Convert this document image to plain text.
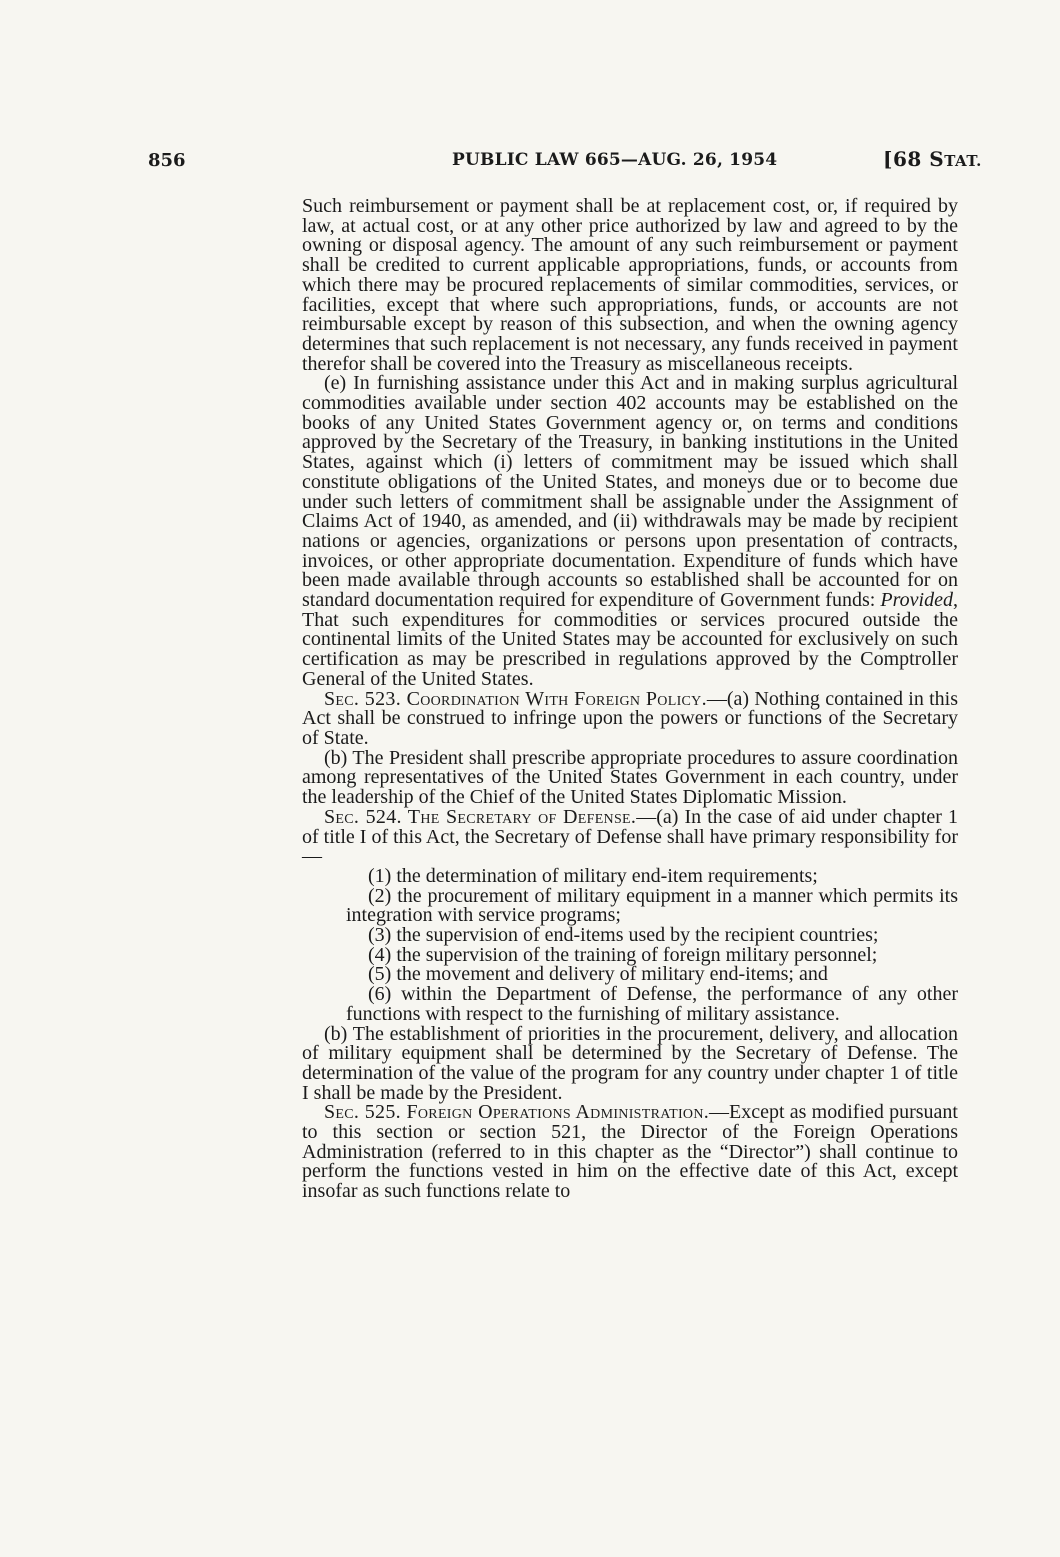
856	PUBLIC LAW 665—AUG. 26, 1954	[68 STAT.

Such reimbursement or payment shall be at replacement cost, or, if required by law, at actual cost, or at any other price authorized by law and agreed to by the owning or disposal agency. The amount of any such reimbursement or payment shall be credited to current applicable appropriations, funds, or accounts from which there may be procured replacements of similar commodities, services, or facilities, except that where such appropriations, funds, or accounts are not reimbursable except by reason of this subsection, and when the owning agency determines that such replacement is not necessary, any funds received in payment therefor shall be covered into the Treasury as miscellaneous receipts.

(e) In furnishing assistance under this Act and in making surplus agricultural commodities available under section 402 accounts may be established on the books of any United States Government agency or, on terms and conditions approved by the Secretary of the Treasury, in banking institutions in the United States, against which (i) letters of commitment may be issued which shall constitute obligations of the United States, and moneys due or to become due under such letters of commitment shall be assignable under the Assignment of Claims Act of 1940, as amended, and (ii) withdrawals may be made by recipient nations or agencies, organizations or persons upon presentation of contracts, invoices, or other appropriate documentation. Expenditure of funds which have been made available through accounts so established shall be accounted for on standard documentation required for expenditure of Government funds: Provided, That such expenditures for commodities or services procured outside the continental limits of the United States may be accounted for exclusively on such certification as may be prescribed in regulations approved by the Comptroller General of the United States.

Sec. 523. Coordination With Foreign Policy.—(a) Nothing contained in this Act shall be construed to infringe upon the powers or functions of the Secretary of State.

(b) The President shall prescribe appropriate procedures to assure coordination among representatives of the United States Government in each country, under the leadership of the Chief of the United States Diplomatic Mission.

Sec. 524. The Secretary of Defense.—(a) In the case of aid under chapter 1 of title I of this Act, the Secretary of Defense shall have primary responsibility for—

(1) the determination of military end-item requirements;

(2) the procurement of military equipment in a manner which permits its integration with service programs;

(3) the supervision of end-items used by the recipient countries;

(4) the supervision of the training of foreign military personnel;

(5) the movement and delivery of military end-items; and

(6) within the Department of Defense, the performance of any other functions with respect to the furnishing of military assistance.

(b) The establishment of priorities in the procurement, delivery, and allocation of military equipment shall be determined by the Secretary of Defense. The determination of the value of the program for any country under chapter 1 of title I shall be made by the President.

Sec. 525. Foreign Operations Administration.—Except as modified pursuant to this section or section 521, the Director of the Foreign Operations Administration (referred to in this chapter as the “Director”) shall continue to perform the functions vested in him on the effective date of this Act, except insofar as such functions relate to
